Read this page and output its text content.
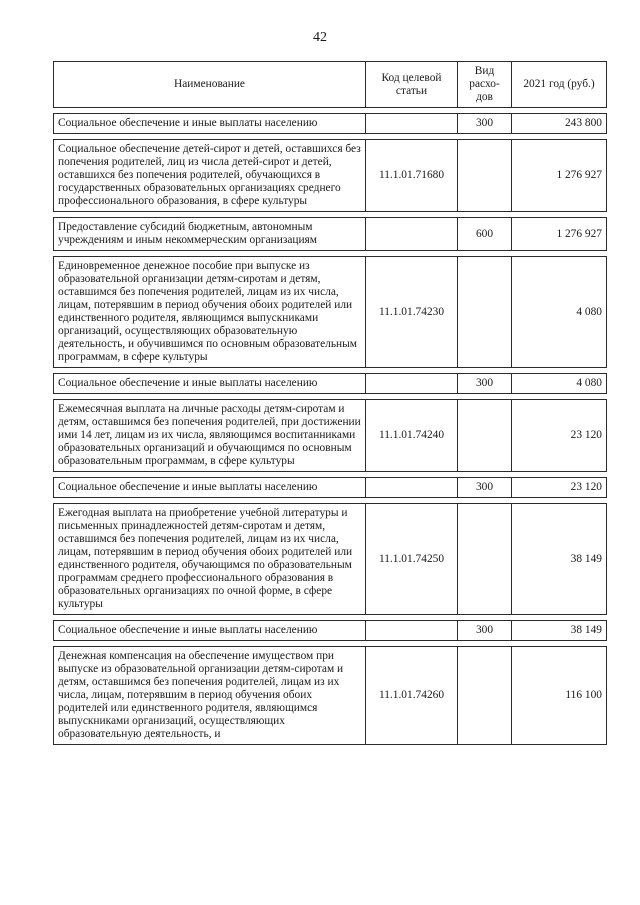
42
Наименование	Код целевой статьи	Вид расхо- дов	2021 год (руб.)

Социальное обеспечение и иные выплаты населению		300	243 800

Социальное обеспечение детей-сирот и детей, оставшихся без попечения родителей, лиц из числа детей-сирот и детей, оставшихся без попечения родителей, обучающихся в государственных образовательных организациях среднего профессионального образования, в сфере культуры	11.1.01.71680		1 276 927

Предоставление субсидий бюджетным, автономным учреждениям и иным некоммерческим организациям		600	1 276 927

Единовременное денежное пособие при выпуске из образовательной организации детям-сиротам и детям, оставшимся без попечения родителей, лицам из их числа, лицам, потерявшим в период обучения обоих родителей или единственного родителя, являющимся выпускниками организаций, осуществляющих образовательную деятельность, и обучившимся по основным образовательным программам, в сфере культуры	11.1.01.74230		4 080

Социальное обеспечение и иные выплаты населению		300	4 080

Ежемесячная выплата на личные расходы детям-сиротам и детям, оставшимся без попечения родителей, при достижении ими 14 лет, лицам из их числа, являющимся воспитанниками образовательных организаций и обучающимся по основным образовательным программам, в сфере культуры	11.1.01.74240		23 120

Социальное обеспечение и иные выплаты населению		300	23 120

Ежегодная выплата на приобретение учебной литературы и письменных принадлежностей детям-сиротам и детям, оставшимся без попечения родителей, лицам из их числа, лицам, потерявшим в период обучения обоих родителей или единственного родителя, обучающимся по образовательным программам среднего профессионального образования в образовательных организациях по очной форме, в сфере культуры	11.1.01.74250		38 149

Социальное обеспечение и иные выплаты населению		300	38 149

Денежная компенсация на обеспечение имуществом при выпуске из образовательной организации детям-сиротам и детям, оставшимся без попечения родителей, лицам из их числа, лицам, потерявшим в период обучения обоих родителей или единственного родителя, являющимся выпускниками организаций, осуществляющих образовательную деятельность, и	11.1.01.74260		116 100
